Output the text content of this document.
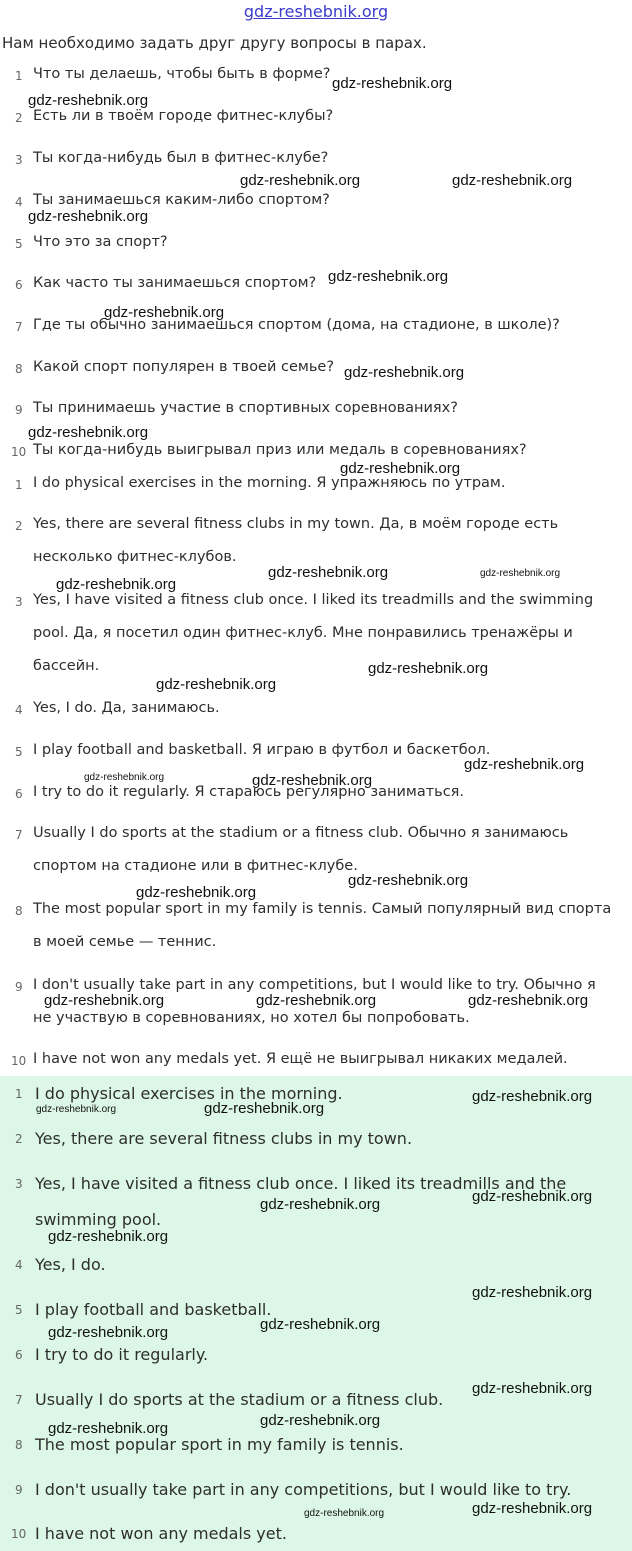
gdz-reshebnik.org
Нам необходимо задать друг другу вопросы в парах.
1 Что ты делаешь, чтобы быть в форме?
2 Есть ли в твоём городе фитнес-клубы?
3 Ты когда-нибудь был в фитнес-клубе?
4 Ты занимаешься каким-либо спортом?
5 Что это за спорт?
6 Как часто ты занимаешься спортом?
7 Где ты обычно занимаешься спортом (дома, на стадионе, в школе)?
8 Какой спорт популярен в твоей семье?
9 Ты принимаешь участие в спортивных соревнованиях?
10 Ты когда-нибудь выигрывал приз или медаль в соревнованиях?
1 I do physical exercises in the morning. Я упражняюсь по утрам.
2 Yes, there are several fitness clubs in my town. Да, в моём городе есть
несколько фитнес-клубов.
3 Yes, I have visited a fitness club once. I liked its treadmills and the swimming
pool. Да, я посетил один фитнес-клуб. Мне понравились тренажёры и
бассейн.
4 Yes, I do. Да, занимаюсь.
5 I play football and basketball. Я играю в футбол и баскетбол.
6 I try to do it regularly. Я стараюсь регулярно заниматься.
7 Usually I do sports at the stadium or a fitness club. Обычно я занимаюсь
спортом на стадионе или в фитнес-клубе.
8 The most popular sport in my family is tennis. Самый популярный вид спорта
в моей семье — теннис.
9 I don't usually take part in any competitions, but I would like to try. Обычно я
не участвую в соревнованиях, но хотел бы попробовать.
10 I have not won any medals yet. Я ещё не выигрывал никаких медалей.
1 I do physical exercises in the morning.
2 Yes, there are several fitness clubs in my town.
3 Yes, I have visited a fitness club once. I liked its treadmills and the
swimming pool.
4 Yes, I do.
5 I play football and basketball.
6 I try to do it regularly.
7 Usually I do sports at the stadium or a fitness club.
8 The most popular sport in my family is tennis.
9 I don't usually take part in any competitions, but I would like to try.
10 I have not won any medals yet.
gdz-reshebnik.org
gdz-reshebnik.org
gdz-reshebnik.org	gdz-reshebnik.org
gdz-reshebnik.org
gdz-reshebnik.org
gdz-reshebnik.org
gdz-reshebnik.org
gdz-reshebnik.org
gdz-reshebnik.org
gdz-reshebnik.org
gdz-reshebnik.org	gdz-reshebnik.org
gdz-reshebnik.org
gdz-reshebnik.org
gdz-reshebnik.org	gdz-reshebnik.org
gdz-reshebnik.org
gdz-reshebnik.org
gdz-reshebnik.org
gdz-reshebnik.org	gdz-reshebnik.org	gdz-reshebnik.org
gdz-reshebnik.org	gdz-reshebnik.org
gdz-reshebnik.org
gdz-reshebnik.org
gdz-reshebnik.org
gdz-reshebnik.org
gdz-reshebnik.org
gdz-reshebnik.org
gdz-reshebnik.org
gdz-reshebnik.org
gdz-reshebnik.org	gdz-reshebnik.org
gdz-reshebnik.org
gdz-reshebnik.org
